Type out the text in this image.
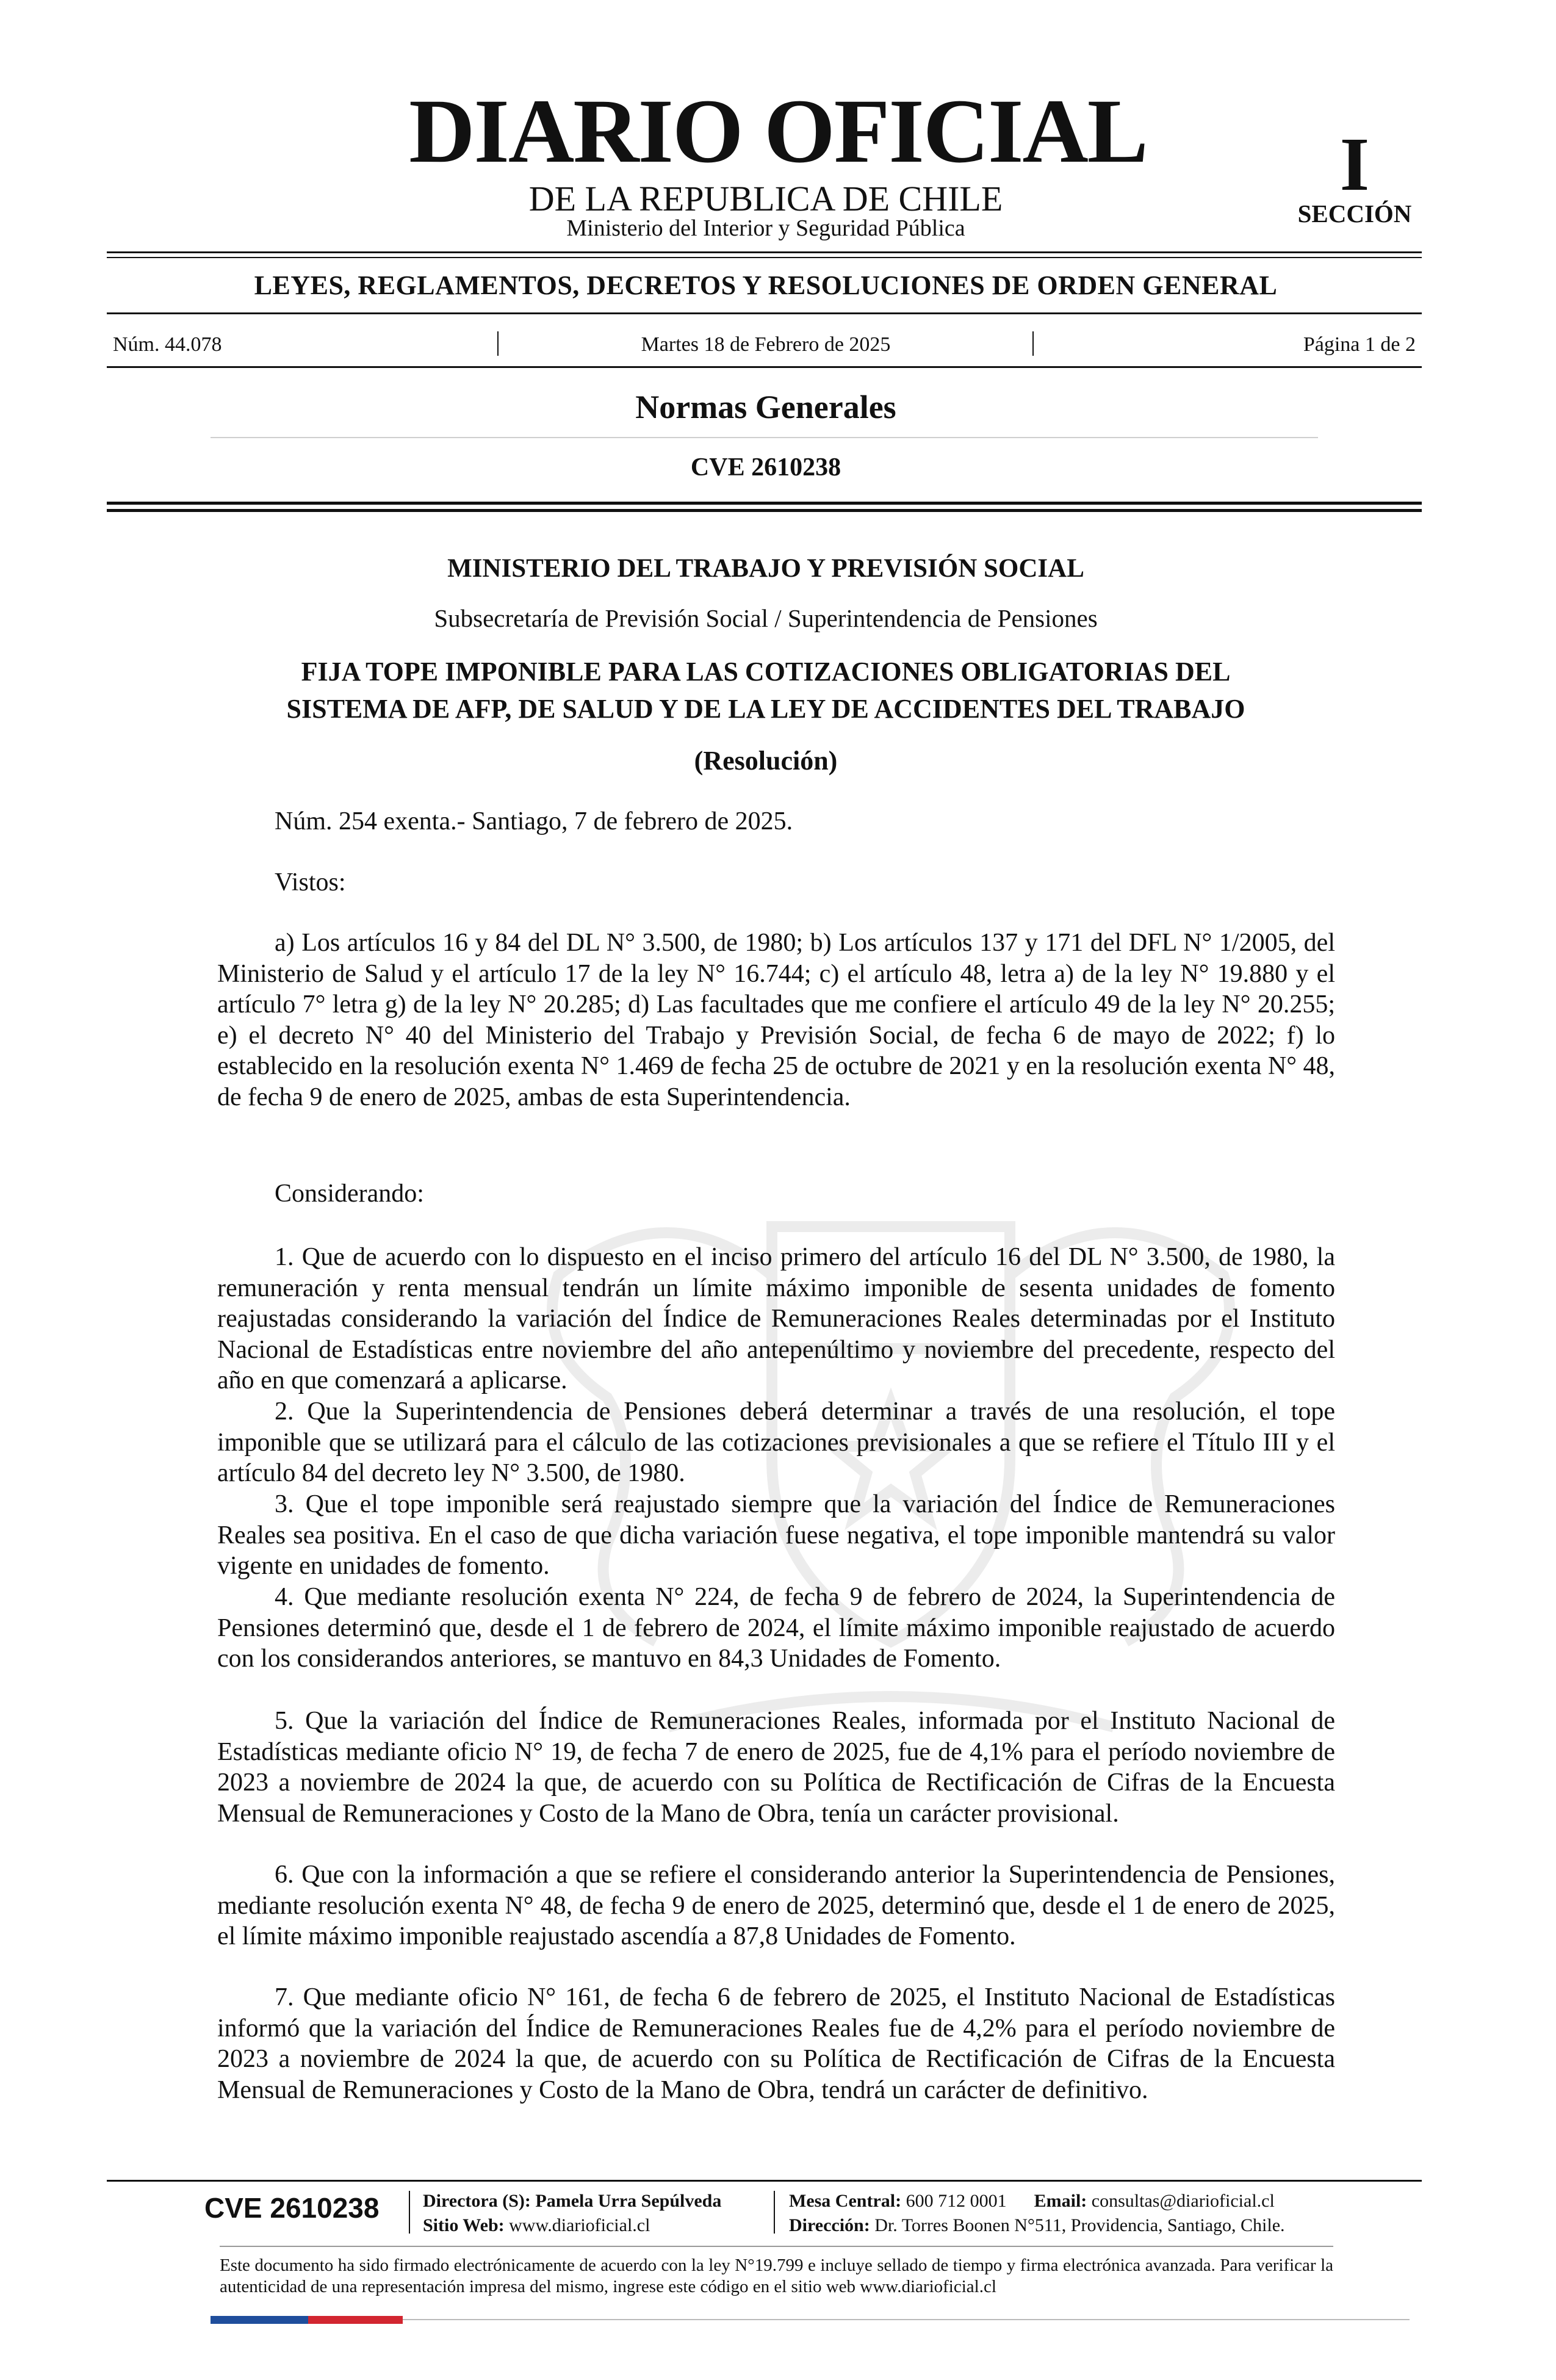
DIARIO OFICIAL
DE LA REPUBLICA DE CHILE
Ministerio del Interior y Seguridad Pública
I
SECCIÓN
LEYES, REGLAMENTOS, DECRETOS Y RESOLUCIONES DE ORDEN GENERAL
Núm. 44.078	Martes 18 de Febrero de 2025	Página 1 de 2
Normas Generales
CVE 2610238
MINISTERIO DEL TRABAJO Y PREVISIÓN SOCIAL
Subsecretaría de Previsión Social / Superintendencia de Pensiones
FIJA TOPE IMPONIBLE PARA LAS COTIZACIONES OBLIGATORIAS DEL
SISTEMA DE AFP, DE SALUD Y DE LA LEY DE ACCIDENTES DEL TRABAJO
(Resolución)
Núm. 254 exenta.- Santiago, 7 de febrero de 2025.
Vistos:

a) Los artículos 16 y 84 del DL N° 3.500, de 1980; b) Los artículos 137 y 171 del DFL N° 1/2005, del Ministerio de Salud y el artículo 17 de la ley N° 16.744; c) el artículo 48, letra a) de la ley N° 19.880 y el artículo 7° letra g) de la ley N° 20.285; d) Las facultades que me confiere el artículo 49 de la ley N° 20.255; e) el decreto N° 40 del Ministerio del Trabajo y Previsión Social, de fecha 6 de mayo de 2022; f) lo establecido en la resolución exenta N° 1.469 de fecha 25 de octubre de 2021 y en la resolución exenta N° 48, de fecha 9 de enero de 2025, ambas de esta Superintendencia.

Considerando:

1. Que de acuerdo con lo dispuesto en el inciso primero del artículo 16 del DL N° 3.500, de 1980, la remuneración y renta mensual tendrán un límite máximo imponible de sesenta unidades de fomento reajustadas considerando la variación del Índice de Remuneraciones Reales determinadas por el Instituto Nacional de Estadísticas entre noviembre del año antepenúltimo y noviembre del precedente, respecto del año en que comenzará a aplicarse.

2. Que la Superintendencia de Pensiones deberá determinar a través de una resolución, el tope imponible que se utilizará para el cálculo de las cotizaciones previsionales a que se refiere el Título III y el artículo 84 del decreto ley N° 3.500, de 1980.

3. Que el tope imponible será reajustado siempre que la variación del Índice de Remuneraciones Reales sea positiva. En el caso de que dicha variación fuese negativa, el tope imponible mantendrá su valor vigente en unidades de fomento.

4. Que mediante resolución exenta N° 224, de fecha 9 de febrero de 2024, la Superintendencia de Pensiones determinó que, desde el 1 de febrero de 2024, el límite máximo imponible reajustado de acuerdo con los considerandos anteriores, se mantuvo en 84,3 Unidades de Fomento.

5. Que la variación del Índice de Remuneraciones Reales, informada por el Instituto Nacional de Estadísticas mediante oficio N° 19, de fecha 7 de enero de 2025, fue de 4,1% para el período noviembre de 2023 a noviembre de 2024 la que, de acuerdo con su Política de Rectificación de Cifras de la Encuesta Mensual de Remuneraciones y Costo de la Mano de Obra, tenía un carácter provisional.

6. Que con la información a que se refiere el considerando anterior la Superintendencia de Pensiones, mediante resolución exenta N° 48, de fecha 9 de enero de 2025, determinó que, desde el 1 de enero de 2025, el límite máximo imponible reajustado ascendía a 87,8 Unidades de Fomento.

7. Que mediante oficio N° 161, de fecha 6 de febrero de 2025, el Instituto Nacional de Estadísticas informó que la variación del Índice de Remuneraciones Reales fue de 4,2% para el período noviembre de 2023 a noviembre de 2024 la que, de acuerdo con su Política de Rectificación de Cifras de la Encuesta Mensual de Remuneraciones y Costo de la Mano de Obra, tendrá un carácter de definitivo.

CVE 2610238 Directora (S): Pamela Urra Sepúlveda
Sitio Web: www.diarioficial.cl
Mesa Central: 600 712 0001 Email: consultas@diarioficial.cl
Dirección: Dr. Torres Boonen N°511, Providencia, Santiago, Chile.

Este documento ha sido firmado electrónicamente de acuerdo con la ley N°19.799 e incluye sellado de tiempo y firma electrónica avanzada. Para verificar la autenticidad de una representación impresa del mismo, ingrese este código en el sitio web www.diarioficial.cl
